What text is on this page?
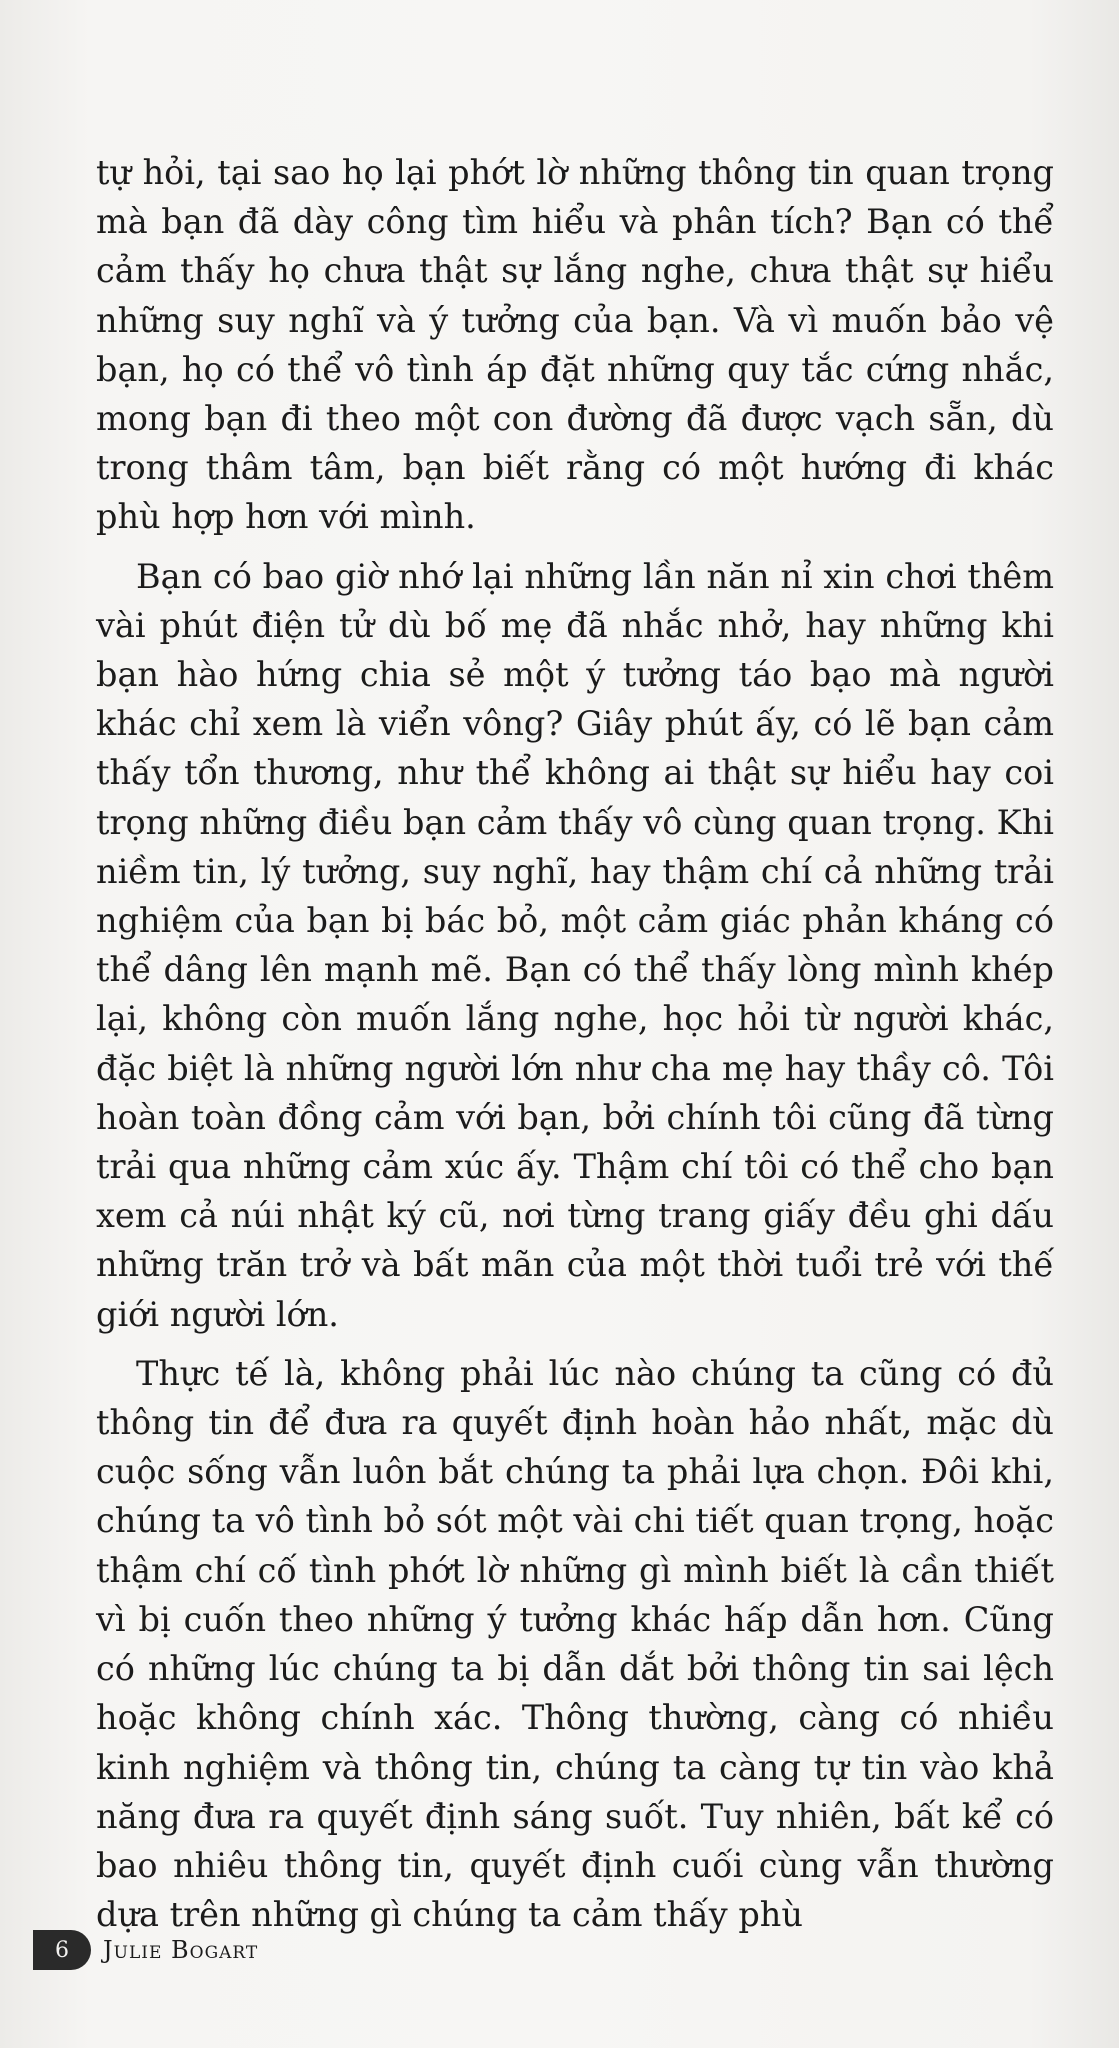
tự hỏi, tại sao họ lại phớt lờ những thông tin quan trọng mà bạn đã dày công tìm hiểu và phân tích? Bạn có thể cảm thấy họ chưa thật sự lắng nghe, chưa thật sự hiểu những suy nghĩ và ý tưởng của bạn. Và vì muốn bảo vệ bạn, họ có thể vô tình áp đặt những quy tắc cứng nhắc, mong bạn đi theo một con đường đã được vạch sẵn, dù trong thâm tâm, bạn biết rằng có một hướng đi khác phù hợp hơn với mình.

Bạn có bao giờ nhớ lại những lần năn nỉ xin chơi thêm vài phút điện tử dù bố mẹ đã nhắc nhở, hay những khi bạn hào hứng chia sẻ một ý tưởng táo bạo mà người khác chỉ xem là viển vông? Giây phút ấy, có lẽ bạn cảm thấy tổn thương, như thể không ai thật sự hiểu hay coi trọng những điều bạn cảm thấy vô cùng quan trọng. Khi niềm tin, lý tưởng, suy nghĩ, hay thậm chí cả những trải nghiệm của bạn bị bác bỏ, một cảm giác phản kháng có thể dâng lên mạnh mẽ. Bạn có thể thấy lòng mình khép lại, không còn muốn lắng nghe, học hỏi từ người khác, đặc biệt là những người lớn như cha mẹ hay thầy cô. Tôi hoàn toàn đồng cảm với bạn, bởi chính tôi cũng đã từng trải qua những cảm xúc ấy. Thậm chí tôi có thể cho bạn xem cả núi nhật ký cũ, nơi từng trang giấy đều ghi dấu những trăn trở và bất mãn của một thời tuổi trẻ với thế giới người lớn.

Thực tế là, không phải lúc nào chúng ta cũng có đủ thông tin để đưa ra quyết định hoàn hảo nhất, mặc dù cuộc sống vẫn luôn bắt chúng ta phải lựa chọn. Đôi khi, chúng ta vô tình bỏ sót một vài chi tiết quan trọng, hoặc thậm chí cố tình phớt lờ những gì mình biết là cần thiết vì bị cuốn theo những ý tưởng khác hấp dẫn hơn. Cũng có những lúc chúng ta bị dẫn dắt bởi thông tin sai lệch hoặc không chính xác. Thông thường, càng có nhiều kinh nghiệm và thông tin, chúng ta càng tự tin vào khả năng đưa ra quyết định sáng suốt. Tuy nhiên, bất kể có bao nhiêu thông tin, quyết định cuối cùng vẫn thường dựa trên những gì chúng ta cảm thấy phù

6 Julie Bogart
